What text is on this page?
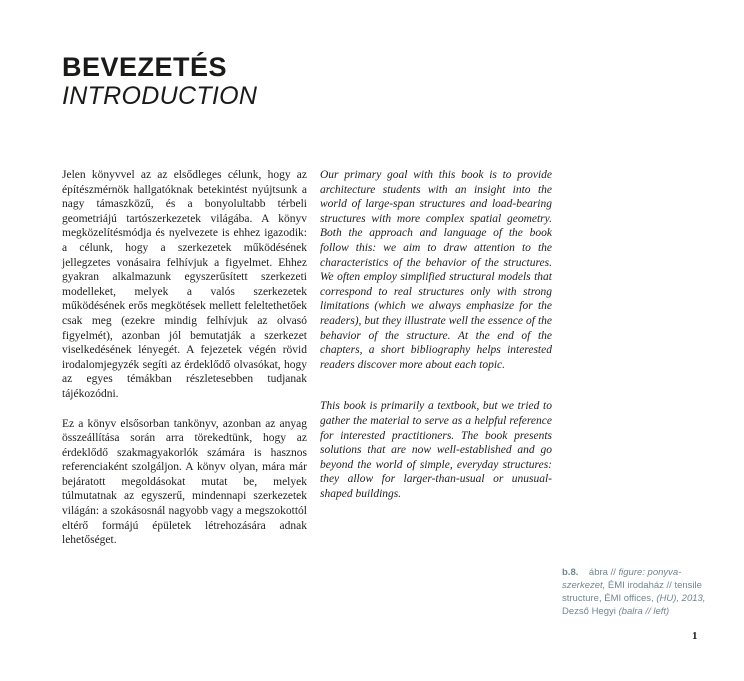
BEVEZETÉS
INTRODUCTION

Jelen könyvvel az az elsődleges célunk, hogy az építészmérnök hallgatóknak betekintést nyújtsunk a nagy támaszközű, és a bonyolultabb térbeli geometriájú tartószerkezetek világába. A könyv megközelítésmódja és nyelvezete is ehhez igazodik: a célunk, hogy a szerkezetek működésének jellegzetes vonásaira felhívjuk a figyelmet. Ehhez gyakran alkalmazunk egyszerűsített szerkezeti modelleket, melyek a valós szerkezetek működésének erős megkötések mellett feleltethetőek csak meg (ezekre mindig felhívjuk az olvasó figyelmét), azonban jól bemutatják a szerkezet viselkedésének lényegét. A fejezetek végén rövid irodalomjegyzék segíti az érdeklődő olvasókat, hogy az egyes témákban részletesebben tudjanak tájékozódni.

Ez a könyv elsősorban tankönyv, azonban az anyag összeállítása során arra törekedtünk, hogy az érdeklődő szakmagyakorlók számára is hasznos referenciaként szolgáljon. A könyv olyan, mára már bejáratott megoldásokat mutat be, melyek túlmutatnak az egyszerű, mindennapi szerkezetek világán: a szokásosnál nagyobb vagy a megszokottól eltérő formájú épületek létrehozására adnak lehetőséget.

Our primary goal with this book is to provide architecture students with an insight into the world of large-span structures and load-bearing structures with more complex spatial geometry. Both the approach and language of the book follow this: we aim to draw attention to the characteristics of the behavior of the structures. We often employ simplified structural models that correspond to real structures only with strong limitations (which we always emphasize for the readers), but they illustrate well the essence of the behavior of the structure. At the end of the chapters, a short bibliography helps interested readers discover more about each topic.

This book is primarily a textbook, but we tried to gather the material to serve as a helpful reference for interested practitioners. The book presents solutions that are now well-established and go beyond the world of simple, everyday structures: they allow for larger-than-usual or unusual-shaped buildings.

b.8.    ábra // figure: ponyva-
szerkezet, ÉMI irodaház // tensile
structure, ÉMI offices, (HU), 2013,
Dezső Hegyi (balra // left)
1
